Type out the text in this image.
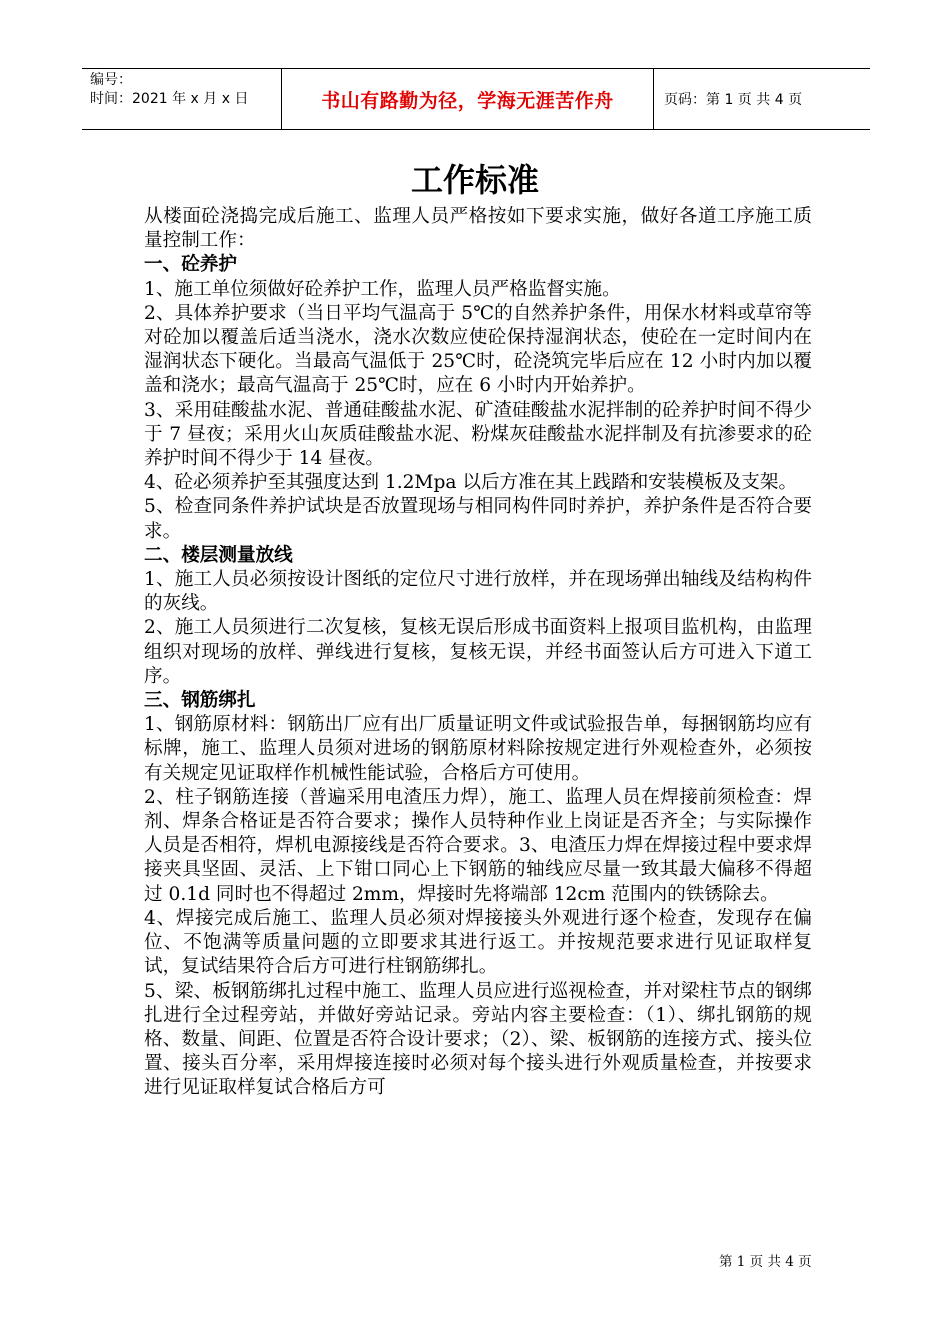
编号：
时间：2021 年 x 月 x 日	书山有路勤为径，学海无涯苦作舟	页码：第 1 页 共 4 页
工作标准

从楼面砼浇捣完成后施工、监理人员严格按如下要求实施，做好各道工序施工质量控制工作：

一、砼养护

1、施工单位须做好砼养护工作，监理人员严格监督实施。

2、具体养护要求（当日平均气温高于 5℃的自然养护条件，用保水材料或草帘等对砼加以覆盖后适当浇水，浇水次数应使砼保持湿润状态，使砼在一定时间内在湿润状态下硬化。当最高气温低于 25℃时，砼浇筑完毕后应在 12 小时内加以覆盖和浇水；最高气温高于 25℃时，应在 6 小时内开始养护。

3、采用硅酸盐水泥、普通硅酸盐水泥、矿渣硅酸盐水泥拌制的砼养护时间不得少于 7 昼夜；采用火山灰质硅酸盐水泥、粉煤灰硅酸盐水泥拌制及有抗渗要求的砼养护时间不得少于 14 昼夜。

4、砼必须养护至其强度达到 1.2Mpa 以后方准在其上践踏和安装模板及支架。

5、检查同条件养护试块是否放置现场与相同构件同时养护，养护条件是否符合要求。

二、楼层测量放线

1、施工人员必须按设计图纸的定位尺寸进行放样，并在现场弹出轴线及结构构件的灰线。

2、施工人员须进行二次复核，复核无误后形成书面资料上报项目监机构，由监理组织对现场的放样、弹线进行复核，复核无误，并经书面签认后方可进入下道工序。

三、钢筋绑扎

1、钢筋原材料：钢筋出厂应有出厂质量证明文件或试验报告单，每捆钢筋均应有标牌，施工、监理人员须对进场的钢筋原材料除按规定进行外观检查外，必须按有关规定见证取样作机械性能试验，合格后方可使用。

2、柱子钢筋连接（普遍采用电渣压力焊），施工、监理人员在焊接前须检查：焊剂、焊条合格证是否符合要求；操作人员特种作业上岗证是否齐全；与实际操作人员是否相符，焊机电源接线是否符合要求。3、电渣压力焊在焊接过程中要求焊接夹具坚固、灵活、上下钳口同心上下钢筋的轴线应尽量一致其最大偏移不得超过 0.1d 同时也不得超过 2mm，焊接时先将端部 12cm 范围内的铁锈除去。

4、焊接完成后施工、监理人员必须对焊接接头外观进行逐个检查，发现存在偏位、不饱满等质量问题的立即要求其进行返工。并按规范要求进行见证取样复试，复试结果符合后方可进行柱钢筋绑扎。

5、梁、板钢筋绑扎过程中施工、监理人员应进行巡视检查，并对梁柱节点的钢绑扎进行全过程旁站，并做好旁站记录。旁站内容主要检查：（1）、绑扎钢筋的规格、数量、间距、位置是否符合设计要求；（2）、梁、板钢筋的连接方式、接头位置、接头百分率，采用焊接连接时必须对每个接头进行外观质量检查，并按要求进行见证取样复试合格后方可

第 1 页 共 4 页
